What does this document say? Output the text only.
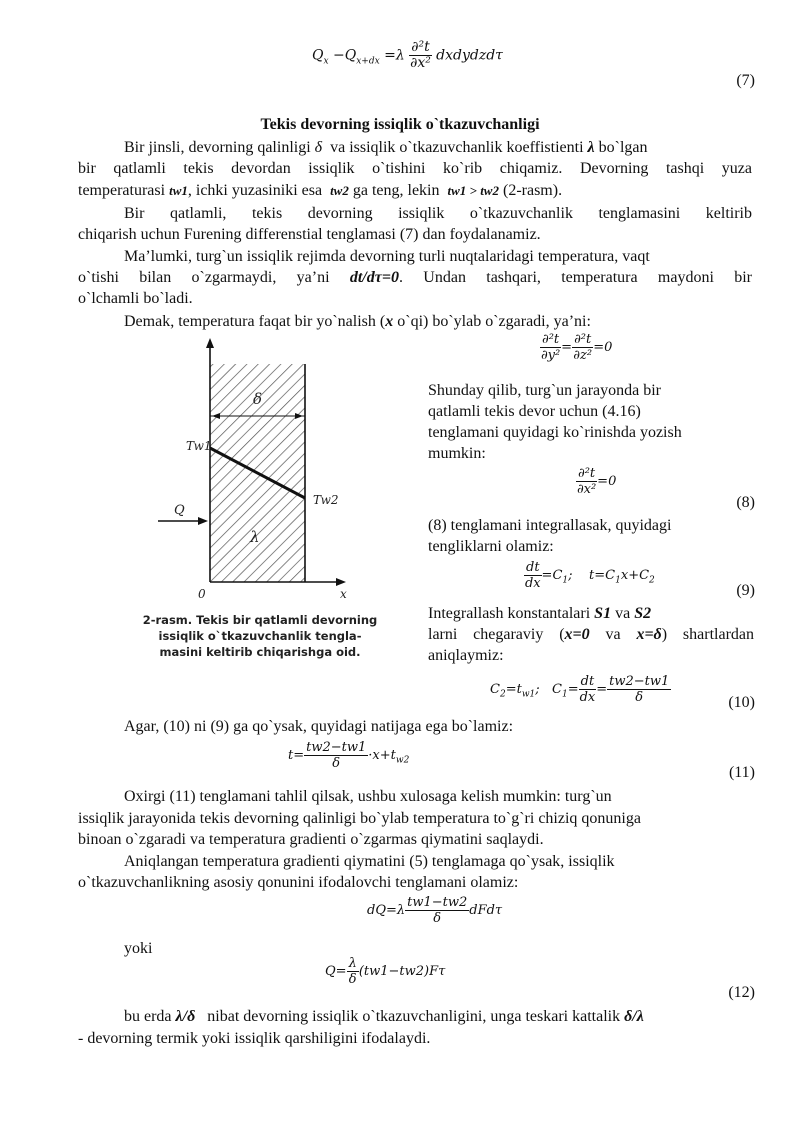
$Q_x -Q_{x+dx} =\lambda \frac{\text{∂²t}}{\text{∂x²}}$ dxdydzdτ
(7)
Tekis devorning issiqlik o`tkazuvchanligi
Bir jinsli, devorning qalinligi δ va issiqlik o`tkazuvchanlik koeffistienti λ bo`lgan
bir qatlamli tekis devordan issiqlik o`tishini ko`rib chiqamiz. Devorning tashqi yuza
temperaturasi tw1, ichki yuzasiniki esa tw2 ga teng, lekin tw1 > tw2 (2-rasm).
Bir qatlamli, tekis devorning issiqlik o`tkazuvchanlik tenglamasini keltirib
chiqarish uchun Furening differenstial tenglamasi (7) dan foydalanamiz.
Ma’lumki, turg`un issiqlik rejimda devorning turli nuqtalaridagi temperatura, vaqt
o`tishi bilan o`zgarmaydi, ya’ni dt/dτ=0. Undan tashqari, temperatura maydoni bir
o`lchamli bo`ladi.
Demak, temperatura faqat bir yo`nalish (x o`qi) bo`ylab o`zgaradi, ya’ni:
$\frac{\text{∂²t}}{\text{∂y²}} = \frac{\text{∂²t}}{\text{∂z²}} =0$
δ
λ
Tw1
Tw2
Q
0	x
2-rasm. Tekis bir qatlamli devorning
issiqlik o`tkazuvchanlik tengla-
masini keltirib chiqarishga oid.
Shunday qilib, turg`un jarayonda bir
qatlamli tekis devor uchun (4.16)
tenglamani quyidagi ko`rinishda yozish
mumkin:
$\frac{\text{∂²t}}{\text{∂x²}} =0$
(8)
(8) tenglamani integrallasak, quyidagi
tengliklarni olamiz:
$\frac{dt}{dx} =C_1$; $t=C_1x+C_2$
(9)
Integrallash konstantalari S1 va S2
larni chegaraviy (x=0 va x=δ) shartlardan
aniqlaymiz:
$C_2=t_{w1}$; $C_1= \frac{dt}{dx} = \frac{tw2-tw1}{\delta}$	(10)
Agar, (10) ni (9) ga qo`ysak, quyidagi natijaga ega bo`lamiz:
$t= \frac{tw2-tw1}{\delta} \cdot x+t_{w2}$
(11)
Oxirgi (11) tenglamani tahlil qilsak, ushbu xulosaga kelish mumkin: turg`un
issiqlik jarayonida tekis devorning qalinligi bo`ylab temperatura to`g`ri chiziq qonuniga
binoan o`zgaradi va temperatura gradienti o`zgarmas qiymatini saqlaydi.
Aniqlangan temperatura gradienti qiymatini (5) tenglamaga qo`ysak, issiqlik
o`tkazuvchanlikning asosiy qonunini ifodalovchi tenglamani olamiz:
$dQ=\lambda \frac{tw1-tw2}{\delta}$ dFdτ
yoki
$Q= \frac{\lambda}{\delta} (tw1-tw2)F\tau$
(12)
bu erda λ/δ nibat devorning issiqlik o`tkazuvchanligini, unga teskari kattalik δ/λ
- devorning termik yoki issiqlik qarshiligini ifodalaydi.
